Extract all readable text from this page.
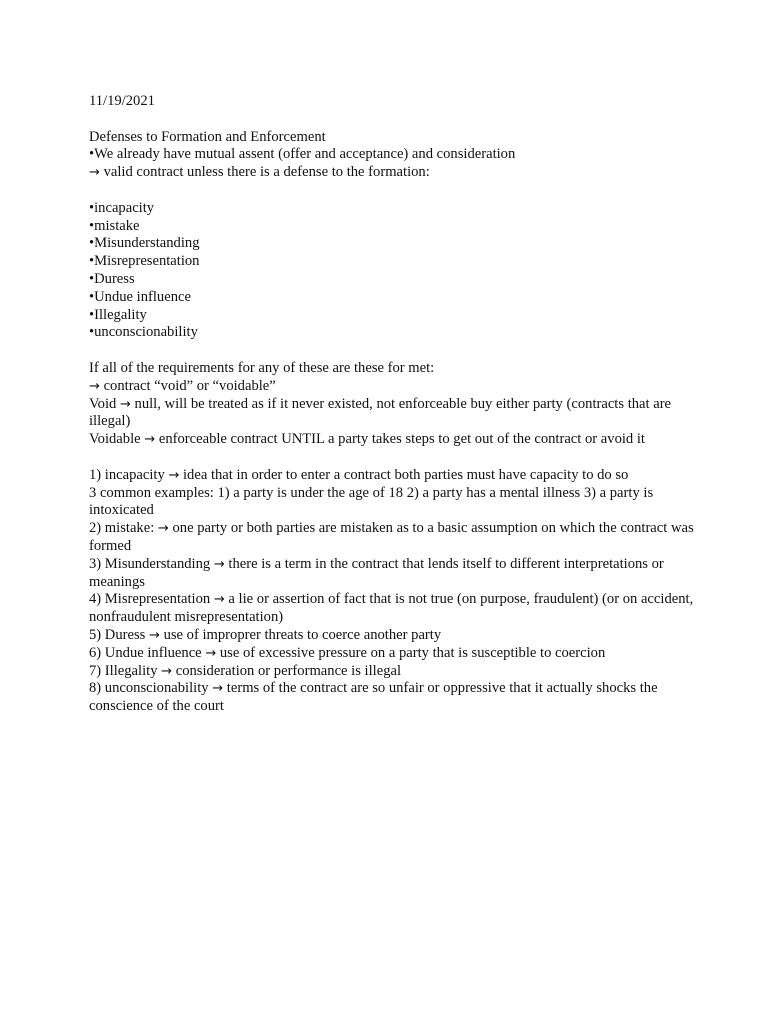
11/19/2021
Defenses to Formation and Enforcement
•We already have mutual assent (offer and acceptance) and consideration
→ valid contract unless there is a defense to the formation:
•incapacity
•mistake
•Misunderstanding
•Misrepresentation
•Duress
•Undue influence
•Illegality
•unconscionability
If all of the requirements for any of these are these for met:
→ contract “void” or “voidable”
Void → null, will be treated as if it never existed, not enforceable buy either party (contracts that are illegal)
Voidable → enforceable contract UNTIL a party takes steps to get out of the contract or avoid it
1) incapacity → idea that in order to enter a contract both parties must have capacity to do so
3 common examples: 1) a party is under the age of 18 2) a party has a mental illness 3) a party is intoxicated
2) mistake: → one party or both parties are mistaken as to a basic assumption on which the contract was formed
3) Misunderstanding → there is a term in the contract that lends itself to different interpretations or meanings
4) Misrepresentation → a lie or assertion of fact that is not true (on purpose, fraudulent) (or on accident, nonfraudulent misrepresentation)
5) Duress → use of improprer threats to coerce another party
6) Undue influence → use of excessive pressure on a party that is susceptible to coercion
7) Illegality → consideration or performance is illegal
8) unconscionability → terms of the contract are so unfair or oppressive that it actually shocks the conscience of the court
